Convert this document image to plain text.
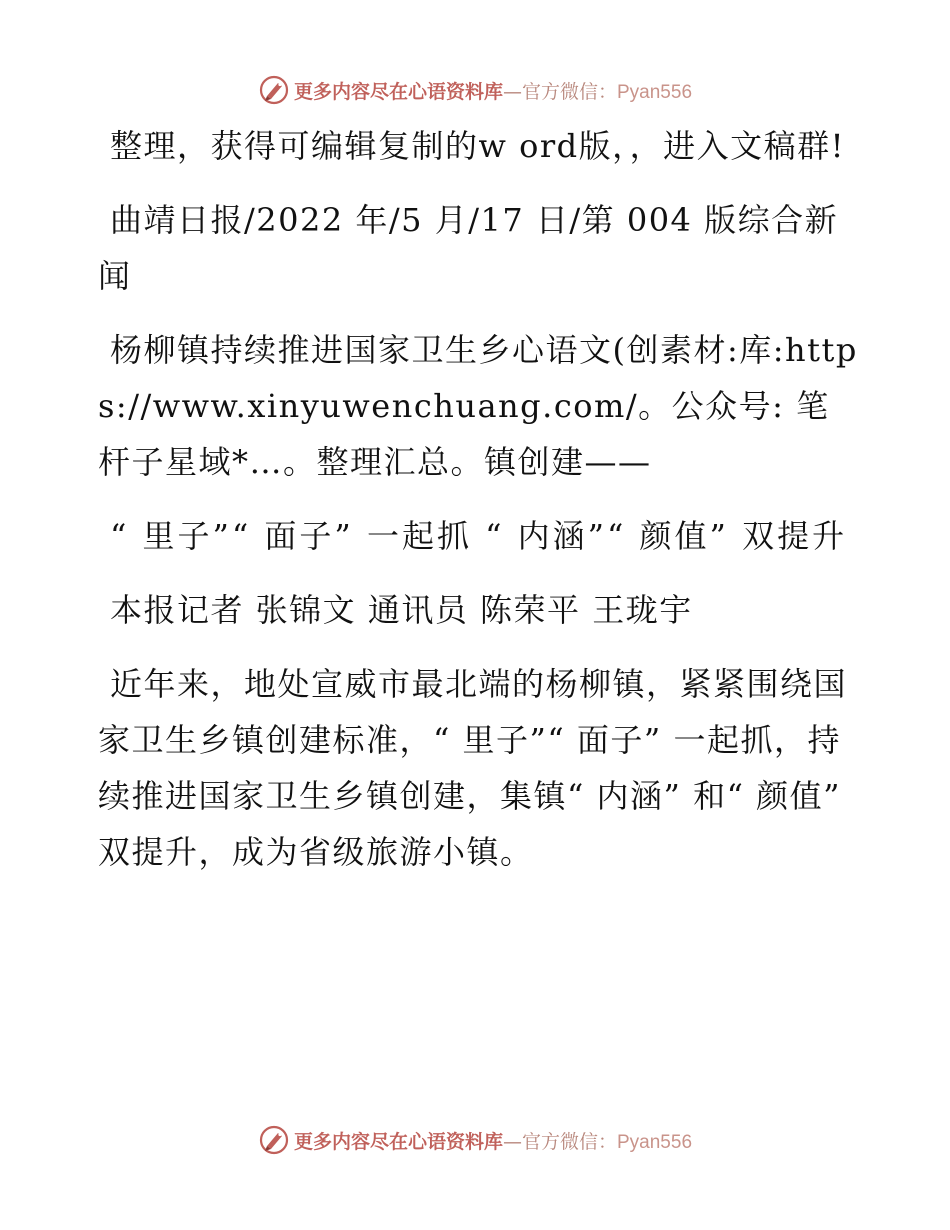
更多内容尽在心语资料库—官方微信：Pyan556

整理，获得可编辑复制的w ord版，，进入文稿群!

曲靖日报/2022 年/5 月/17 日/第 004 版综合新闻

杨柳镇持续推进国家卫生乡心语文(创素材:库:https://www.xinyuwenchuang.com/。公众号: 笔杆子星域*…。整理汇总。镇创建——

“ 里子”“ 面子” 一起抓 “ 内涵”“ 颜值” 双提升

本报记者 张锦文 通讯员 陈荣平 王珑宇

近年来，地处宣威市最北端的杨柳镇，紧紧围绕国家卫生乡镇创建标准，“ 里子”“ 面子” 一起抓，持续推进国家卫生乡镇创建，集镇“ 内涵” 和“ 颜值” 双提升，成为省级旅游小镇。

更多内容尽在心语资料库—官方微信：Pyan556
